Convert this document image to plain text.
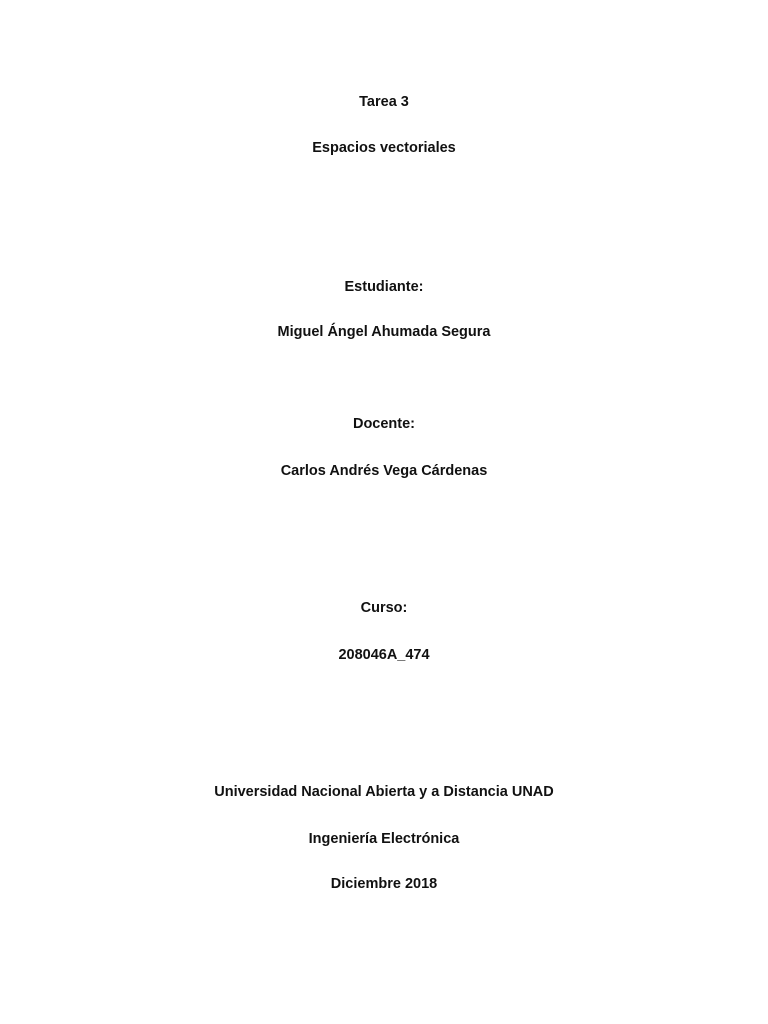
Tarea 3
Espacios vectoriales
Estudiante:
Miguel Ángel Ahumada Segura
Docente:
Carlos Andrés Vega Cárdenas
Curso:
208046A_474
Universidad Nacional Abierta y a Distancia UNAD
Ingeniería Electrónica
Diciembre 2018
